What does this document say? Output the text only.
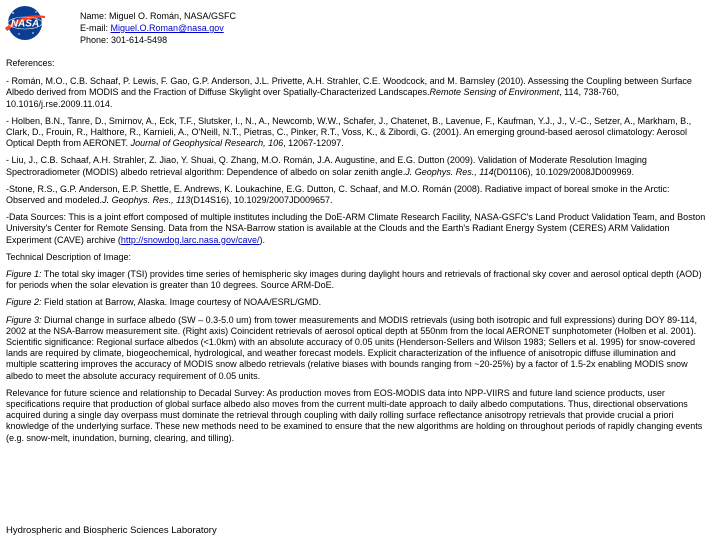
NASA
Name: Miguel O. Román, NASA/GSFC
E-mail: Miguel.O.Roman@nasa.gov
Phone: 301-614-5498

References:

- Román, M.O., C.B. Schaaf, P. Lewis, F. Gao, G.P. Anderson, J.L. Privette, A.H. Strahler, C.E. Woodcock, and M. Barnsley (2010). Assessing the Coupling between Surface Albedo derived from MODIS and the Fraction of Diffuse Skylight over Spatially-Characterized Landscapes.Remote Sensing of Environment, 114, 738-760, 10.1016/j.rse.2009.11.014.

- Holben, B.N., Tanre, D., Smirnov, A., Eck, T.F., Slutsker, I., N., A., Newcomb, W.W., Schafer, J., Chatenet, B., Lavenue, F., Kaufman, Y.J., J., V.-C., Setzer, A., Markham, B., Clark, D., Frouin, R., Halthore, R., Karnieli, A., O'Neill, N.T., Pietras, C., Pinker, R.T., Voss, K., & Zibordi, G. (2001). An emerging ground-based aerosol climatology: Aerosol Optical Depth from AERONET. Journal of Geophysical Research, 106, 12067-12097.

- Liu, J., C.B. Schaaf, A.H. Strahler, Z. Jiao, Y. Shuai, Q. Zhang, M.O. Román, J.A. Augustine, and E.G. Dutton (2009). Validation of Moderate Resolution Imaging Spectroradiometer (MODIS) albedo retrieval algorithm: Dependence of albedo on solar zenith angle.J. Geophys. Res., 114(D01106), 10.1029/2008JD009969.

-Stone, R.S., G.P. Anderson, E.P. Shettle, E. Andrews, K. Loukachine, E.G. Dutton, C. Schaaf, and M.O. Román (2008). Radiative impact of boreal smoke in the Arctic: Observed and modeled.J. Geophys. Res., 113(D14S16), 10.1029/2007JD009657.

-Data Sources: This is a joint effort composed of multiple institutes including the DoE-ARM Climate Research Facility, NASA-GSFC's Land Product Validation Team, and Boston University's Center for Remote Sensing. Data from the NSA-Barrow station is available at the Clouds and the Earth's Radiant Energy System (CERES) ARM Validation Experiment (CAVE) archive (http://snowdog.larc.nasa.gov/cave/).

Technical Description of Image:

Figure 1: The total sky imager (TSI) provides time series of hemispheric sky images during daylight hours and retrievals of fractional sky cover and aerosol optical depth (AOD) for periods when the solar elevation is greater than 10 degrees. Source ARM-DoE.

Figure 2: Field station at Barrow, Alaska. Image courtesy of NOAA/ESRL/GMD.

Figure 3: Diurnal change in surface albedo (SW – 0.3-5.0 um) from tower measurements and MODIS retrievals (using both isotropic and full expressions) during DOY 89-114, 2002 at the NSA-Barrow measurement site. (Right axis) Coincident retrievals of aerosol optical depth at 550nm from the local AERONET sunphotometer (Holben et al. 2001).

Scientific significance: Regional surface albedos (<1.0km) with an absolute accuracy of 0.05 units (Henderson-Sellers and Wilson 1983; Sellers et al. 1995) for snow-covered lands are required by climate, biogeochemical, hydrological, and weather forecast models. Explicit characterization of the influence of anisotropic diffuse illumination and multiple scattering improves the accuracy of MODIS snow albedo retrievals (relative biases with bounds ranging from ~20-25%) by a factor of 1.5-2x enabling MODIS snow albedo to meet the absolute accuracy requirement of 0.05 units.

Relevance for future science and relationship to Decadal Survey: As production moves from EOS-MODIS data into NPP-VIIRS and future land science products, user specifications require that production of global surface albedo also moves from the current multi-date approach to daily albedo computations. Thus, directional observations acquired during a single day overpass must dominate the retrieval through coupling with daily rolling surface reflectance anisotropy retrievals that provide crucial a priori knowledge of the underlying surface. These new methods need to be examined to ensure that the new algorithms are holding on throughout periods of rapidly changing events (e.g. snow-melt, inundation, burning, clearing, and tilling).

Hydrospheric and Biospheric Sciences Laboratory
